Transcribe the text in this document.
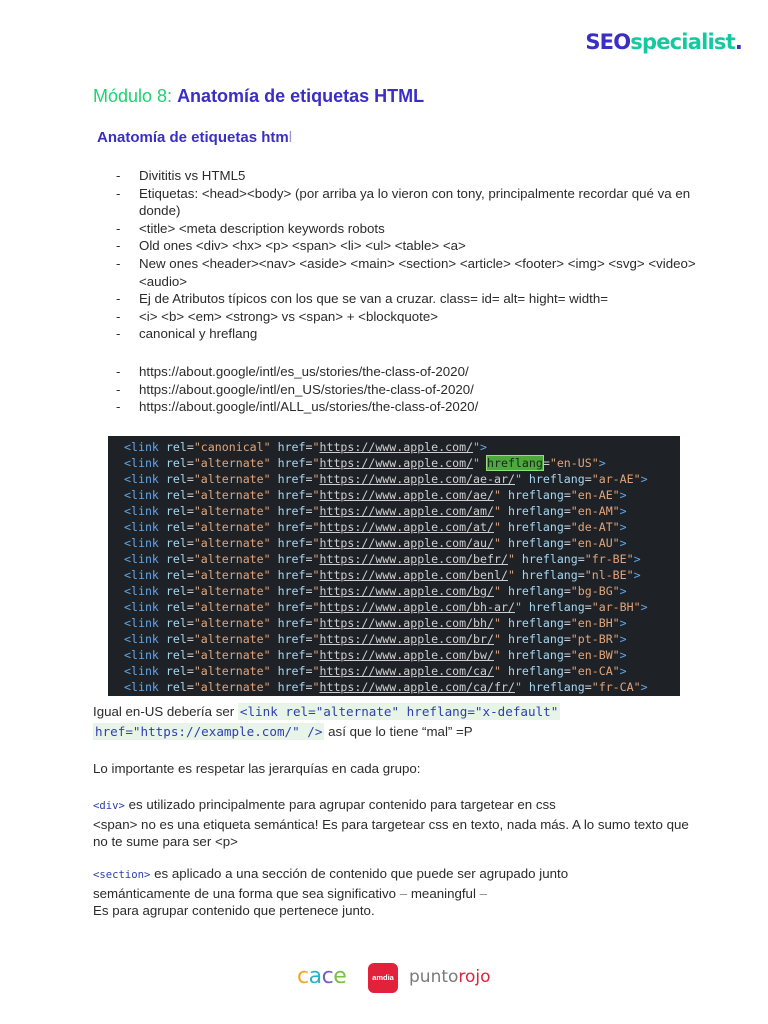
SEOspecialist.
Módulo 8: Anatomía de etiquetas HTML
Anatomía de etiquetas html
- Divititis vs HTML5
- Etiquetas: <head><body> (por arriba ya lo vieron con tony, principalmente recordar qué va en donde)
- <title> <meta description keywords robots
- Old ones <div> <hx> <p> <span> <li> <ul> <table> <a>
- New ones <header><nav> <aside> <main> <section> <article> <footer> <img> <svg> <video> <audio>
- Ej de Atributos típicos con los que se van a cruzar. class= id= alt= hight= width=
- <i> <b> <em> <strong> vs <span> + <blockquote>
- canonical y hreflang
- https://about.google/intl/es_us/stories/the-class-of-2020/
- https://about.google/intl/en_US/stories/the-class-of-2020/
- https://about.google/intl/ALL_us/stories/the-class-of-2020/
<link rel="canonical" href="https://www.apple.com/">
<link rel="alternate" href="https://www.apple.com/" hreflang="en-US">
<link rel="alternate" href="https://www.apple.com/ae-ar/" hreflang="ar-AE">
<link rel="alternate" href="https://www.apple.com/ae/" hreflang="en-AE">
<link rel="alternate" href="https://www.apple.com/am/" hreflang="en-AM">
<link rel="alternate" href="https://www.apple.com/at/" hreflang="de-AT">
<link rel="alternate" href="https://www.apple.com/au/" hreflang="en-AU">
<link rel="alternate" href="https://www.apple.com/befr/" hreflang="fr-BE">
<link rel="alternate" href="https://www.apple.com/benl/" hreflang="nl-BE">
<link rel="alternate" href="https://www.apple.com/bg/" hreflang="bg-BG">
<link rel="alternate" href="https://www.apple.com/bh-ar/" hreflang="ar-BH">
<link rel="alternate" href="https://www.apple.com/bh/" hreflang="en-BH">
<link rel="alternate" href="https://www.apple.com/br/" hreflang="pt-BR">
<link rel="alternate" href="https://www.apple.com/bw/" hreflang="en-BW">
<link rel="alternate" href="https://www.apple.com/ca/" hreflang="en-CA">
<link rel="alternate" href="https://www.apple.com/ca/fr/" hreflang="fr-CA">

Igual en-US debería ser <link rel="alternate" hreflang="x-default"
href="https://example.com/" /> así que lo tiene “mal” =P

Lo importante es respetar las jerarquías en cada grupo:

<div> es utilizado principalmente para agrupar contenido para targetear en css
<span> no es una etiqueta semántica! Es para targetear css en texto, nada más. A lo sumo texto que no te sume para ser <p>

<section> es aplicado a una sección de contenido que puede ser agrupado junto semánticamente de una forma que sea significativo – meaningful –
Es para agrupar contenido que pertenece junto.

cace	amdia puntorojo
